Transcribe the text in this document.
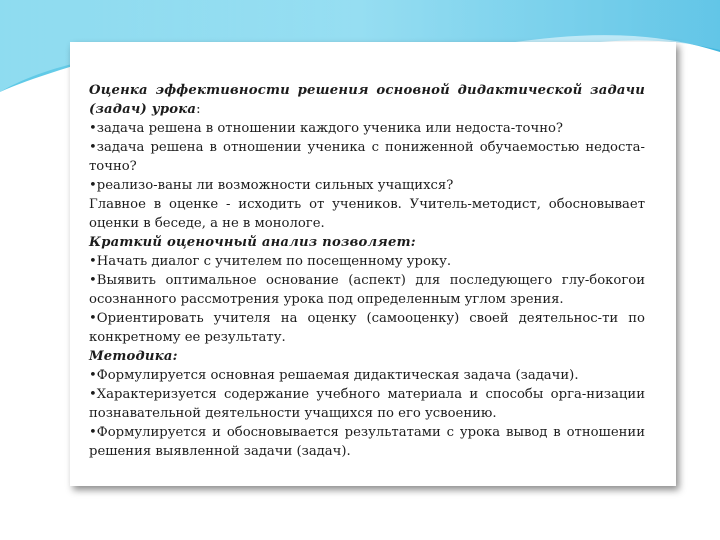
Оценка эффективности решения основной дидактической задачи (задач) урока:

•задача решена в отношении каждого ученика или недоста-точно?

•задача решена в отношении ученика с пониженной обучаемостью недоста-точно?

•реализо-ваны ли возможности сильных учащихся?

Главное в оценке - исходить от учеников. Учитель-методист, обосновывает оценки в беседе, а не в монологе.

Краткий оценочный анализ позволяет:

•Начать диалог с учителем по посещенному уроку.

•Выявить оптимальное основание (аспект) для последующего глу-бокогои осознанного рассмотрения урока под определенным углом зрения.

•Ориентировать учителя на оценку (самооценку) своей деятельнос-ти по конкретному ее результату.

Методика:

•Формулируется основная решаемая дидактическая задача (задачи).

•Характеризуется содержание учебного материала и способы орга-низации познавательной деятельности учащихся по его усвоению.

•Формулируется и обосновывается результатами с урока вывод в отношении решения выявленной задачи (задач).
